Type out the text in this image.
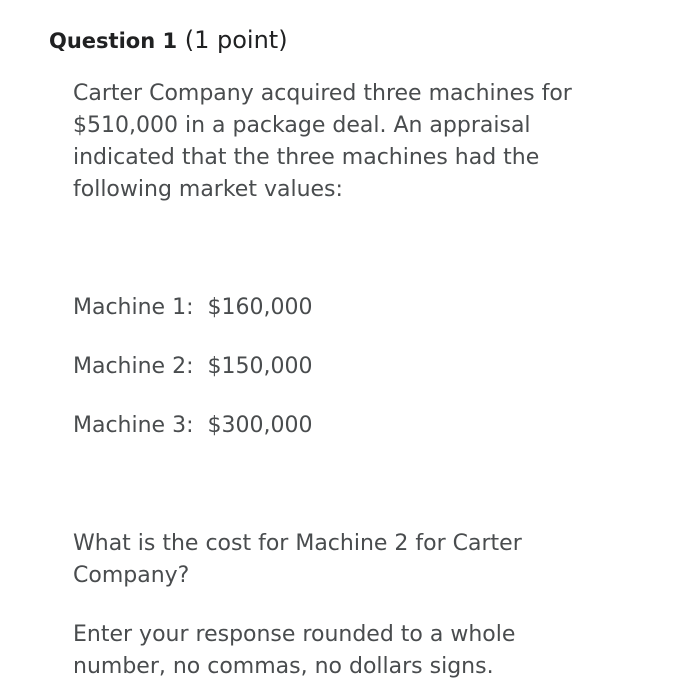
Question 1 (1 point)

Carter Company acquired three machines for
$510,000 in a package deal. An appraisal
indicated that the three machines had the
following market values:

Machine 1:  $160,000
Machine 2:  $150,000
Machine 3:  $300,000

What is the cost for Machine 2 for Carter
Company?

Enter your response rounded to a whole
number, no commas, no dollars signs.
